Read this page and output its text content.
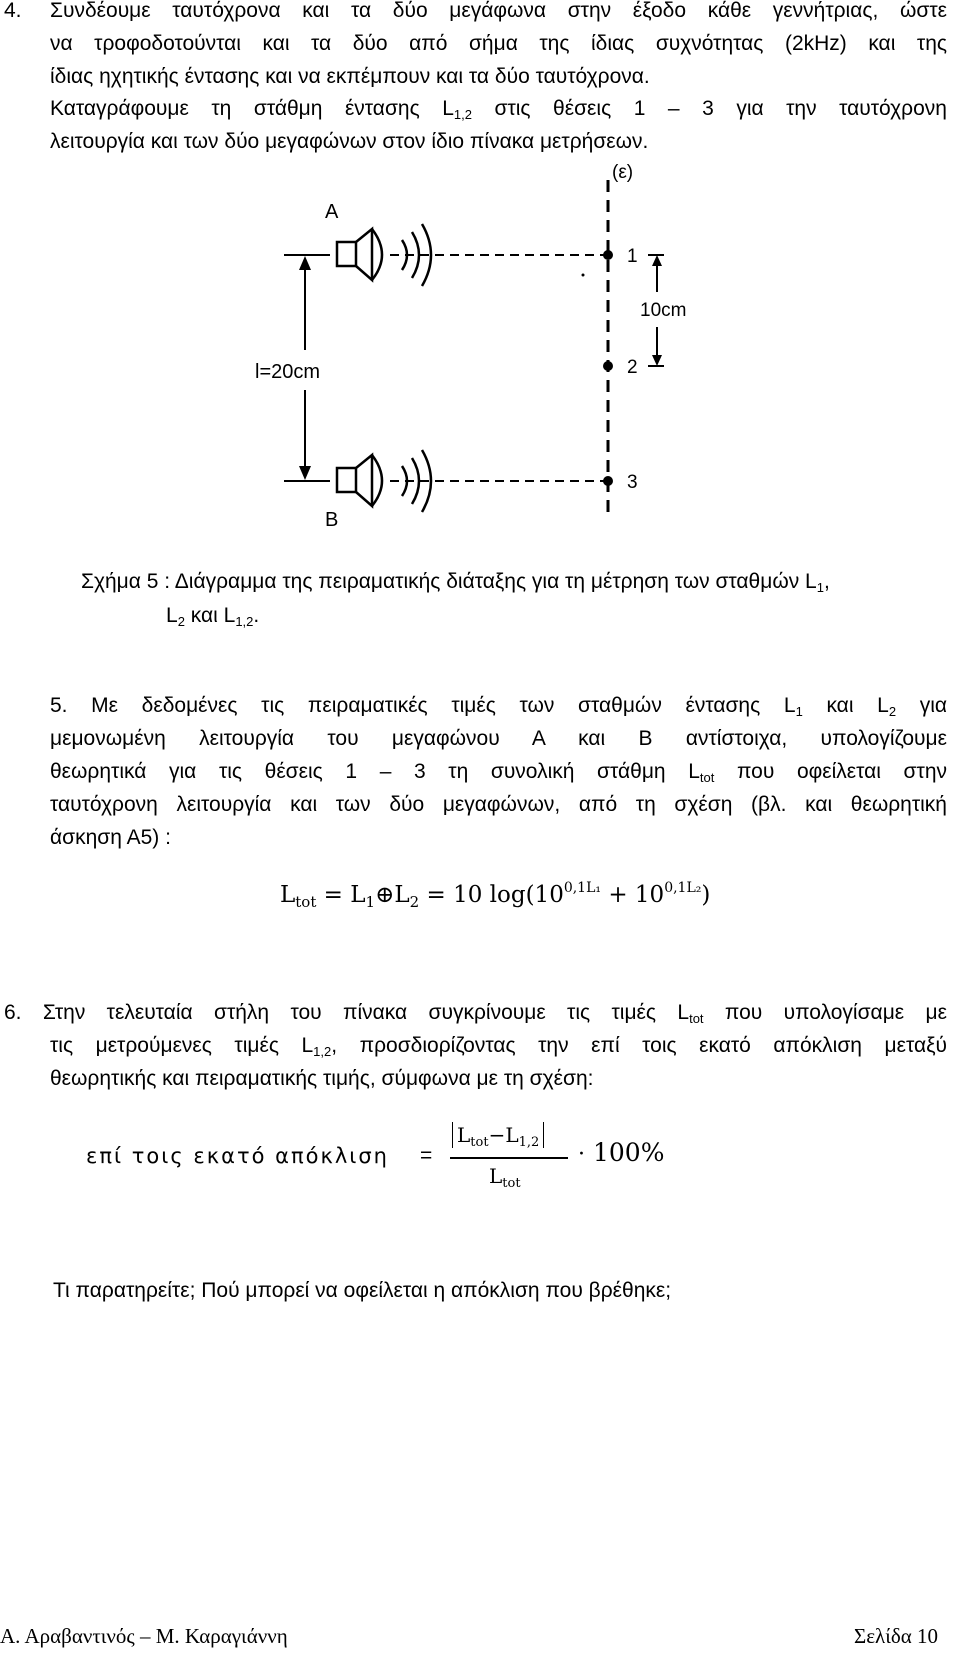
4. Συνδέουμε ταυτόχρονα και τα δύο μεγάφωνα στην έξοδο κάθε γεννήτριας, ώστε
να τροφοδοτούνται και τα δύο από σήμα της ίδιας συχνότητας (2kHz) και της
ίδιας ηχητικής έντασης και να εκπέμπουν και τα δύο ταυτόχρονα.
Καταγράφουμε τη στάθμη έντασης $L_{1,2}$ στις θέσεις 1 – 3 για την ταυτόχρονη
λειτουργία και των δύο μεγαφώνων στον ίδιο πίνακα μετρήσεων.
(ε)
A
B
l=20cm
1
2
3
10cm
Σχήμα 5 : Διάγραμμα της πειραματικής διάταξης για τη μέτρηση των σταθμών $L_1$,
$L_2$ και $L_{1,2}$.
5. Με δεδομένες τις πειραματικές τιμές των σταθμών έντασης $L_1$ και $L_2$ για
μεμονωμένη λειτουργία του μεγαφώνου Α και Β αντίστοιχα, υπολογίζουμε
θεωρητικά για τις θέσεις 1 – 3 τη συνολική στάθμη $L_{tot}$ που οφείλεται στην
ταυτόχρονη λειτουργία και των δύο μεγαφώνων, από τη σχέση (βλ. και θεωρητική
άσκηση Α5) :
$L_{tot}$ = $L_1\oplus L_2 = 10$ $\log(10^{0,1L_1} + 10^{0,1L_2})$
6. Στην τελευταία στήλη του πίνακα συγκρίνουμε τις τιμές $L_{tot}$ που υπολογίσαμε με
τις μετρούμενες τιμές $L_{1,2}$, προσδιορίζοντας την επί τοις εκατό απόκλιση μεταξύ
θεωρητικής και πειραματικής τιμής, σύμφωνα με τη σχέση:
επί τοις εκατό απόκλιση =
$L_{tot}-L_{1,2}$
$L_{tot}$
· 100%
Τι παρατηρείτε; Πού μπορεί να οφείλεται η απόκλιση που βρέθηκε;
Α. Αραβαντινός – Μ. Καραγιάννη	Σελίδα 10
